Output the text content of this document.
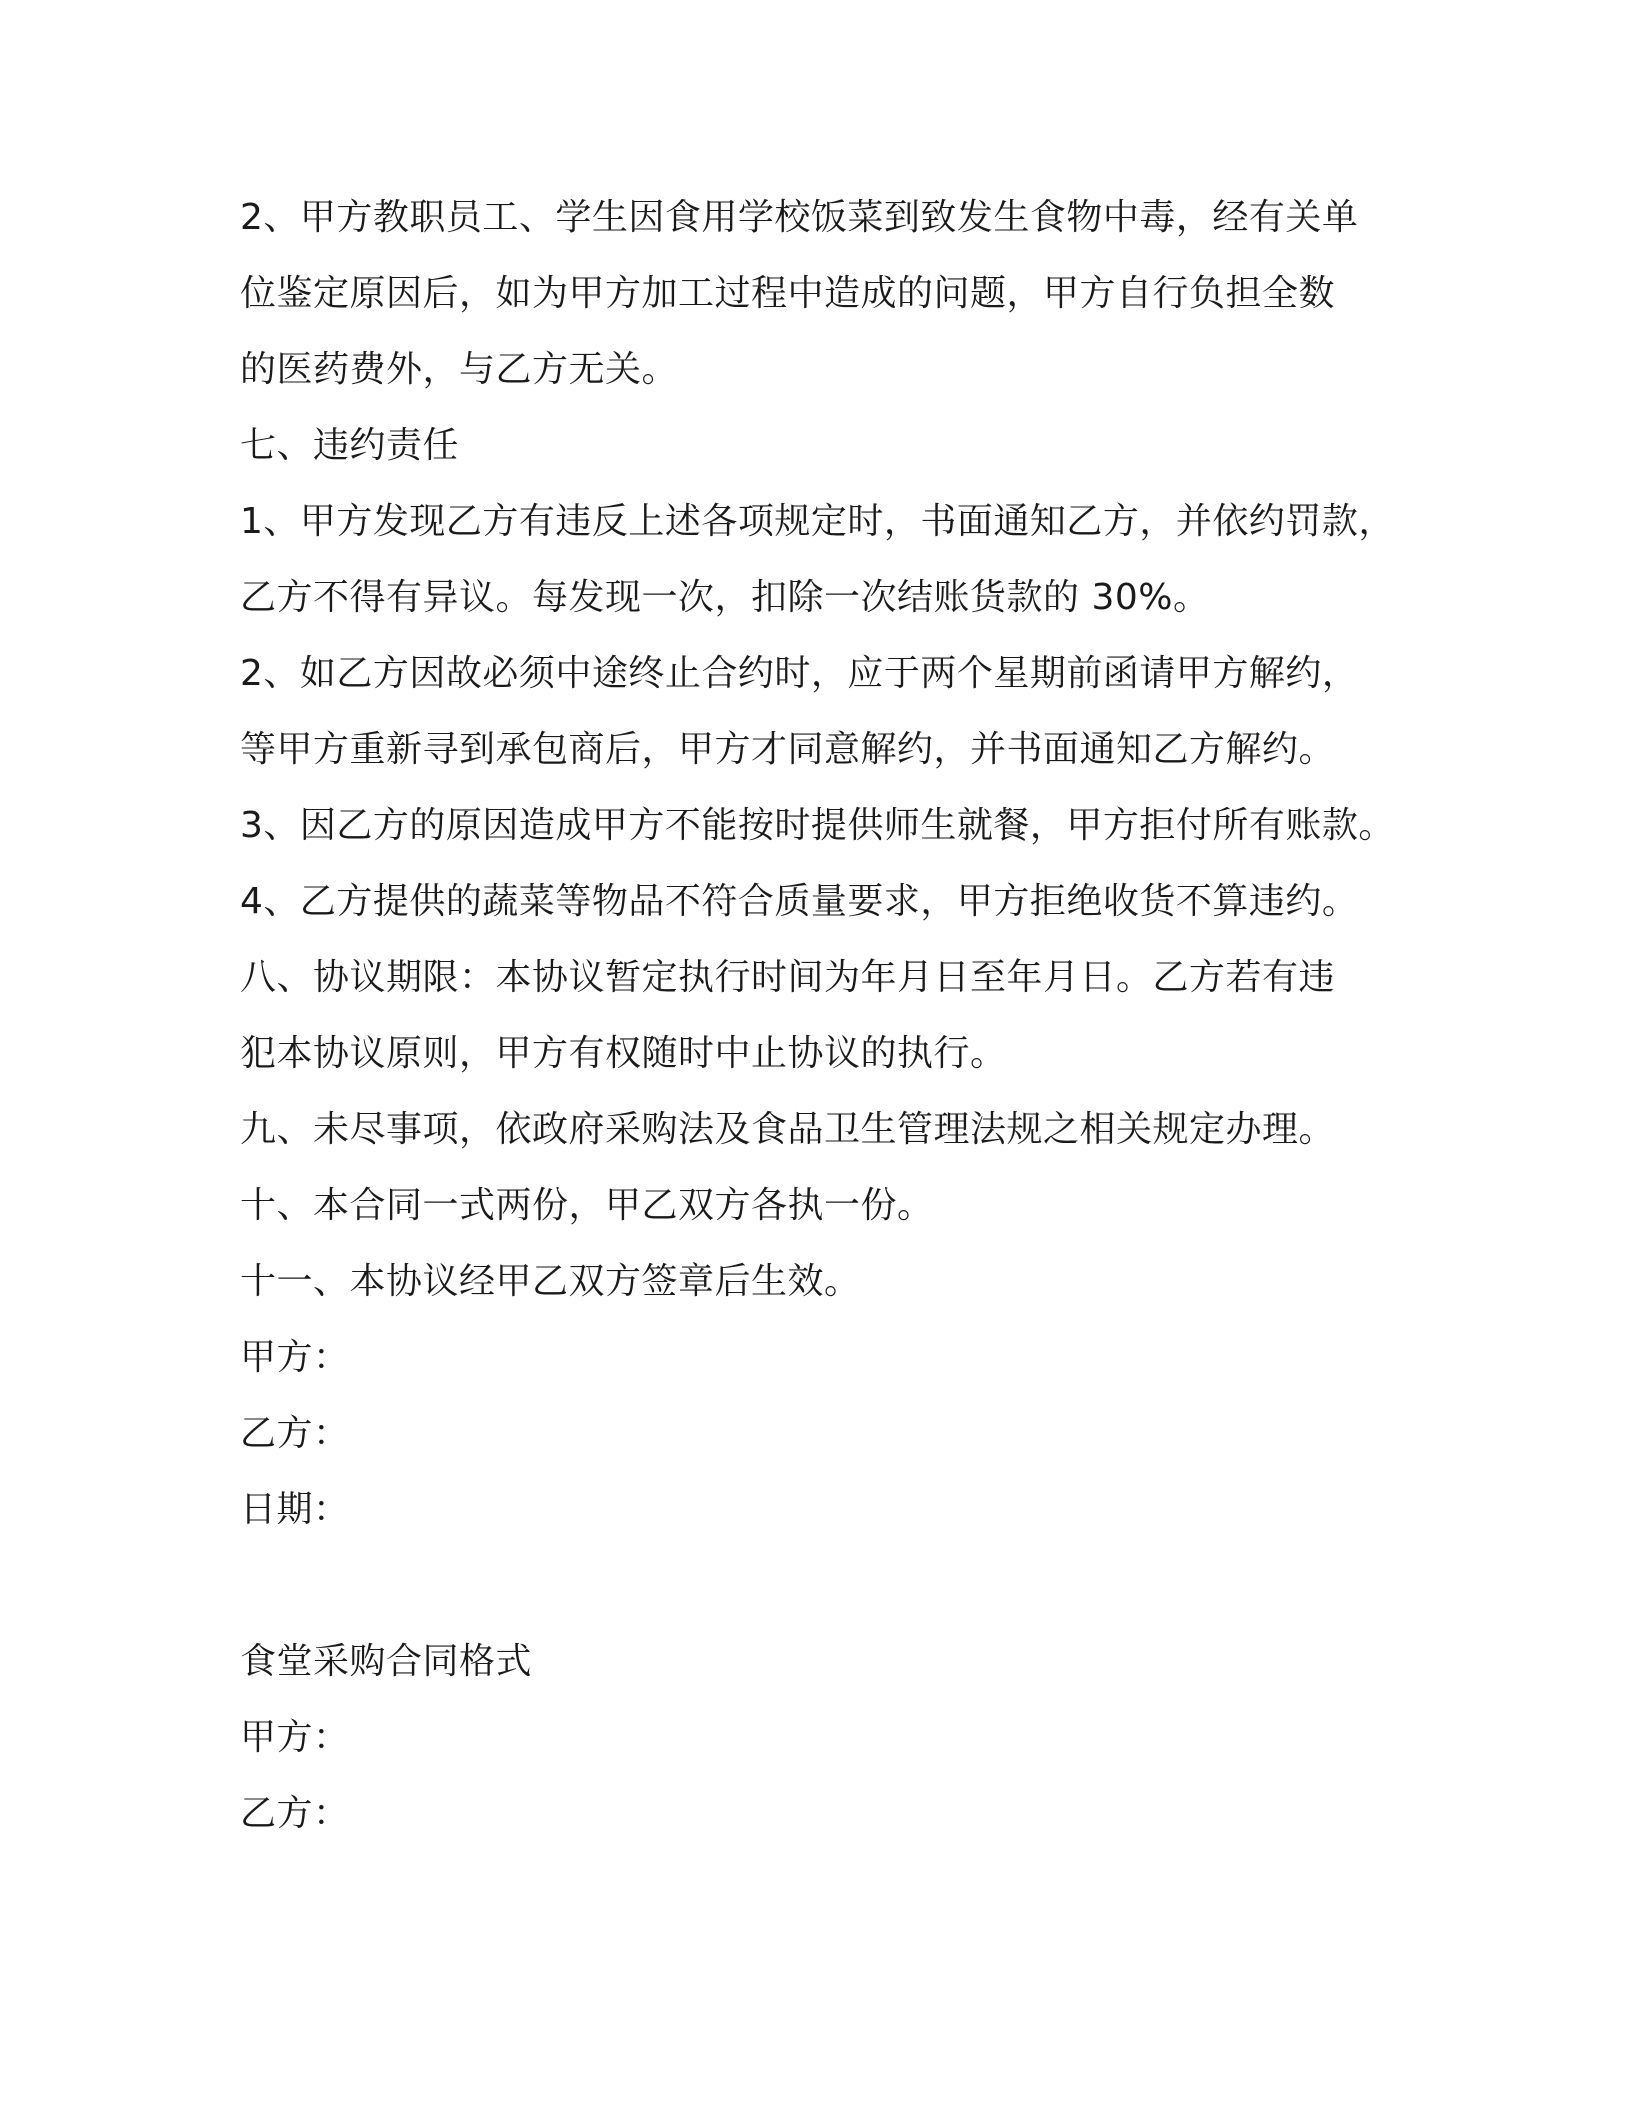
2、甲方教职员工、学生因食用学校饭菜到致发生食物中毒，经有关单

位鉴定原因后，如为甲方加工过程中造成的问题，甲方自行负担全数

的医药费外，与乙方无关。

七、违约责任

1、甲方发现乙方有违反上述各项规定时，书面通知乙方，并依约罚款，

乙方不得有异议。每发现一次，扣除一次结账货款的 30%。

2、如乙方因故必须中途终止合约时，应于两个星期前函请甲方解约，

等甲方重新寻到承包商后，甲方才同意解约，并书面通知乙方解约。

3、因乙方的原因造成甲方不能按时提供师生就餐，甲方拒付所有账款。

4、乙方提供的蔬菜等物品不符合质量要求，甲方拒绝收货不算违约。

八、协议期限：本协议暂定执行时间为年月日至年月日。乙方若有违

犯本协议原则，甲方有权随时中止协议的执行。

九、未尽事项，依政府采购法及食品卫生管理法规之相关规定办理。

十、本合同一式两份，甲乙双方各执一份。

十一、本协议经甲乙双方签章后生效。

甲方：

乙方：

日期：

食堂采购合同格式

甲方：

乙方：
